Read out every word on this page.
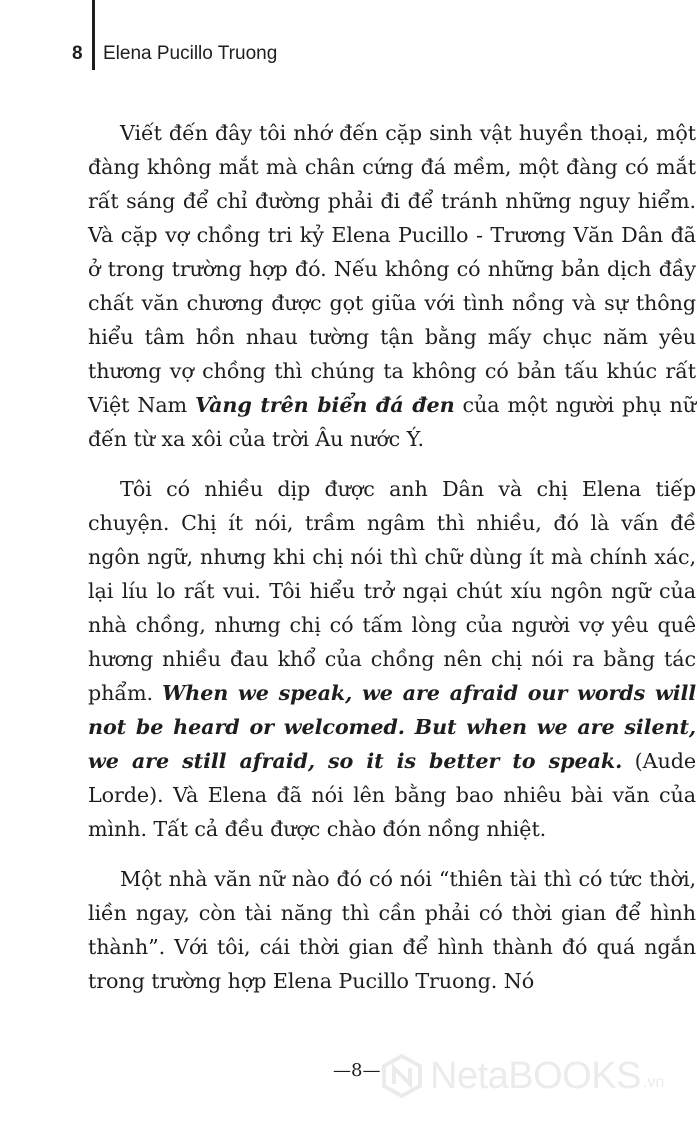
8 Elena Pucillo Truong

Viết đến đây tôi nhớ đến cặp sinh vật huyền thoại, một đàng không mắt mà chân cứng đá mềm, một đàng có mắt rất sáng để chỉ đường phải đi để tránh những nguy hiểm. Và cặp vợ chồng tri kỷ Elena Pucillo - Trương Văn Dân đã ở trong trường hợp đó. Nếu không có những bản dịch đầy chất văn chương được gọt giũa với tình nồng và sự thông hiểu tâm hồn nhau tường tận bằng mấy chục năm yêu thương vợ chồng thì chúng ta không có bản tấu khúc rất Việt Nam Vàng trên biển đá đen của một người phụ nữ đến từ xa xôi của trời Âu nước Ý.

Tôi có nhiều dịp được anh Dân và chị Elena tiếp chuyện. Chị ít nói, trầm ngâm thì nhiều, đó là vấn đề ngôn ngữ, nhưng khi chị nói thì chữ dùng ít mà chính xác, lại líu lo rất vui. Tôi hiểu trở ngại chút xíu ngôn ngữ của nhà chồng, nhưng chị có tấm lòng của người vợ yêu quê hương nhiều đau khổ của chồng nên chị nói ra bằng tác phẩm. When we speak, we are afraid our words will not be heard or welcomed. But when we are silent, we are still afraid, so it is better to speak. (Aude Lorde). Và Elena đã nói lên bằng bao nhiêu bài văn của mình. Tất cả đều được chào đón nồng nhiệt.

Một nhà văn nữ nào đó có nói “thiên tài thì có tức thời, liền ngay, còn tài năng thì cần phải có thời gian để hình thành”. Với tôi, cái thời gian để hình thành đó quá ngắn trong trường hợp Elena Pucillo Truong. Nó

—8— NetaBOOKS .vn
